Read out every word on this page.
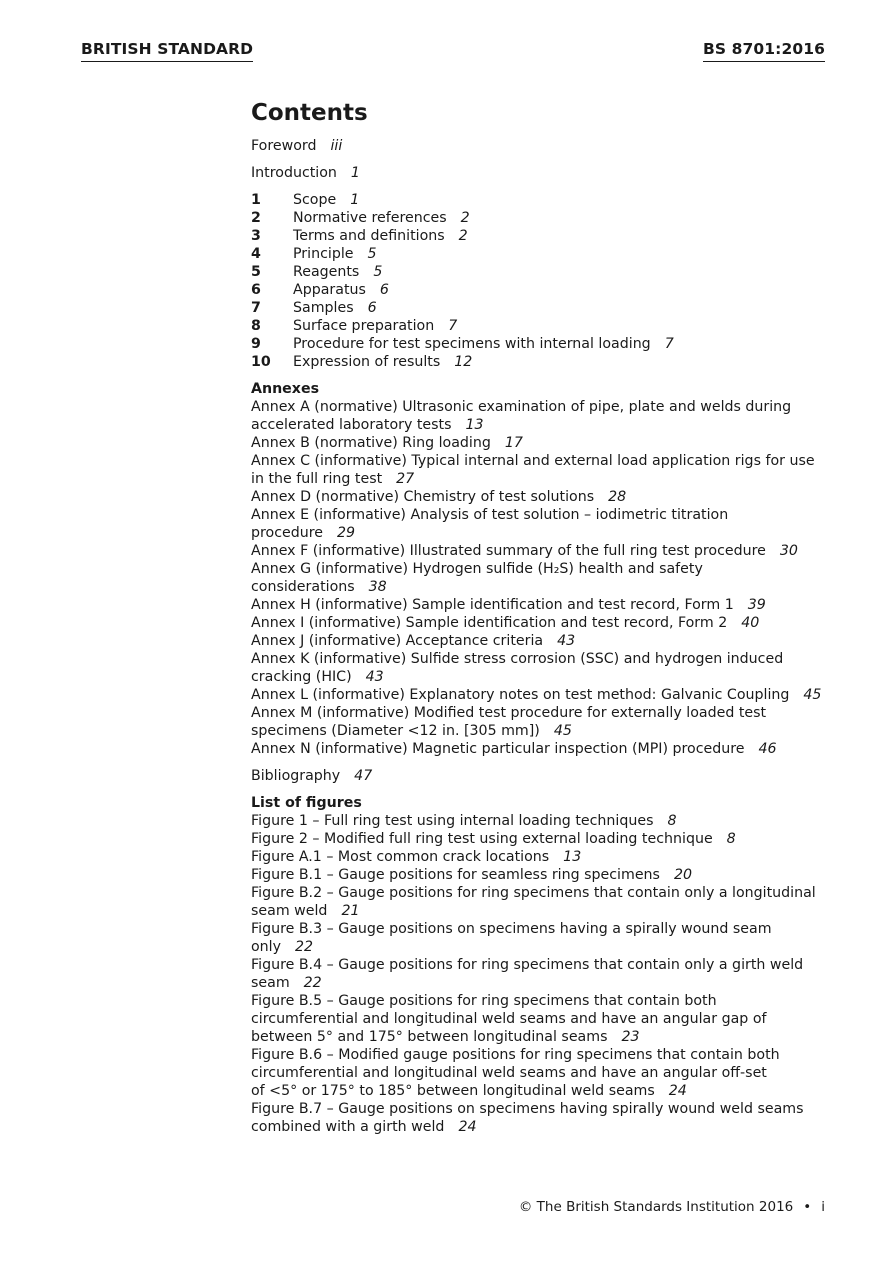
BRITISH STANDARD	BS 8701:2016
Contents
Foreword iii
Introduction 1
1 Scope 1
2 Normative references 2
3 Terms and definitions 2
4 Principle 5
5 Reagents 5
6 Apparatus 6
7 Samples 6
8 Surface preparation 7
9 Procedure for test specimens with internal loading 7
10 Expression of results 12
Annexes
Annex A (normative) Ultrasonic examination of pipe, plate and welds during
accelerated laboratory tests 13
Annex B (normative) Ring loading 17
Annex C (informative) Typical internal and external load application rigs for use
in the full ring test 27
Annex D (normative) Chemistry of test solutions 28
Annex E (informative) Analysis of test solution – iodimetric titration
procedure 29
Annex F (informative) Illustrated summary of the full ring test procedure 30
Annex G (informative) Hydrogen sulfide (H₂S) health and safety
considerations 38
Annex H (informative) Sample identification and test record, Form 1 39
Annex I (informative) Sample identification and test record, Form 2 40
Annex J (informative) Acceptance criteria 43
Annex K (informative) Sulfide stress corrosion (SSC) and hydrogen induced
cracking (HIC) 43
Annex L (informative) Explanatory notes on test method: Galvanic Coupling 45
Annex M (informative) Modified test procedure for externally loaded test
specimens (Diameter <12 in. [305 mm]) 45
Annex N (informative) Magnetic particular inspection (MPI) procedure 46
Bibliography 47
List of figures
Figure 1 – Full ring test using internal loading techniques 8
Figure 2 – Modified full ring test using external loading technique 8
Figure A.1 – Most common crack locations 13
Figure B.1 – Gauge positions for seamless ring specimens 20
Figure B.2 – Gauge positions for ring specimens that contain only a longitudinal
seam weld 21
Figure B.3 – Gauge positions on specimens having a spirally wound seam
only 22
Figure B.4 – Gauge positions for ring specimens that contain only a girth weld
seam 22
Figure B.5 – Gauge positions for ring specimens that contain both
circumferential and longitudinal weld seams and have an angular gap of
between 5° and 175° between longitudinal seams 23
Figure B.6 – Modified gauge positions for ring specimens that contain both
circumferential and longitudinal weld seams and have an angular off-set
of <5° or 175° to 185° between longitudinal weld seams 24
Figure B.7 – Gauge positions on specimens having spirally wound weld seams
combined with a girth weld 24
© The British Standards Institution 2016 • i
